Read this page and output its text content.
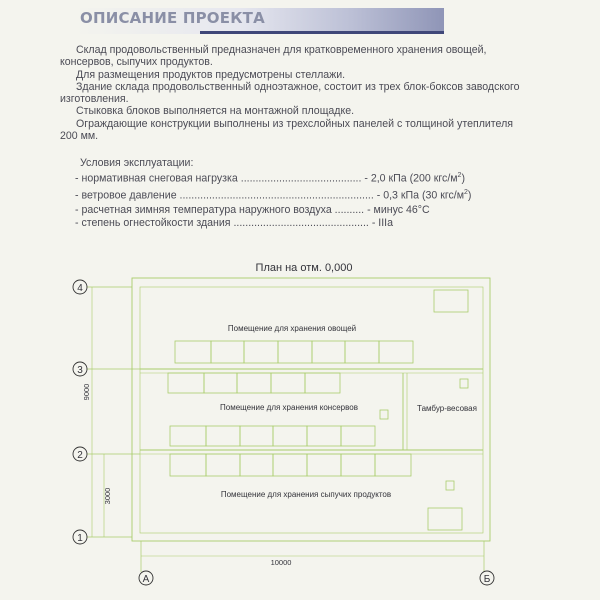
ОПИСАНИЕ ПРОЕКТА

Склад продовольственный предназначен для кратковременного хранения овощей, консервов, сыпучих продуктов.

Для размещения продуктов предусмотрены стеллажи.

Здание склада продовольственный одноэтажное, состоит из трех блок-боксов заводского изготовления.

Стыковка блоков выполняется на монтажной площадке.

Ограждающие конструкции выполнены из трехслойных панелей с толщиной утеплителя 200 мм.

Условия эксплуатации:
- нормативная снеговая нагрузка ......................................... - 2,0 кПа (200 кгс/$м^2$)
- ветровое давление .................................................................. - 0,3 кПа (30 кгс/$м^2$)
- расчетная зимняя температура наружного воздуха .......... - минус 46°С
- степень огнестойкости здания .............................................. - IIIа
План на отм. 0,000
Помещение для хранения овощей
Помещение для хранения консервов	Тамбур-весовая
Помещение для хранения сыпучих продуктов
4
3
2
1
А	Б
10000
9000
3000
